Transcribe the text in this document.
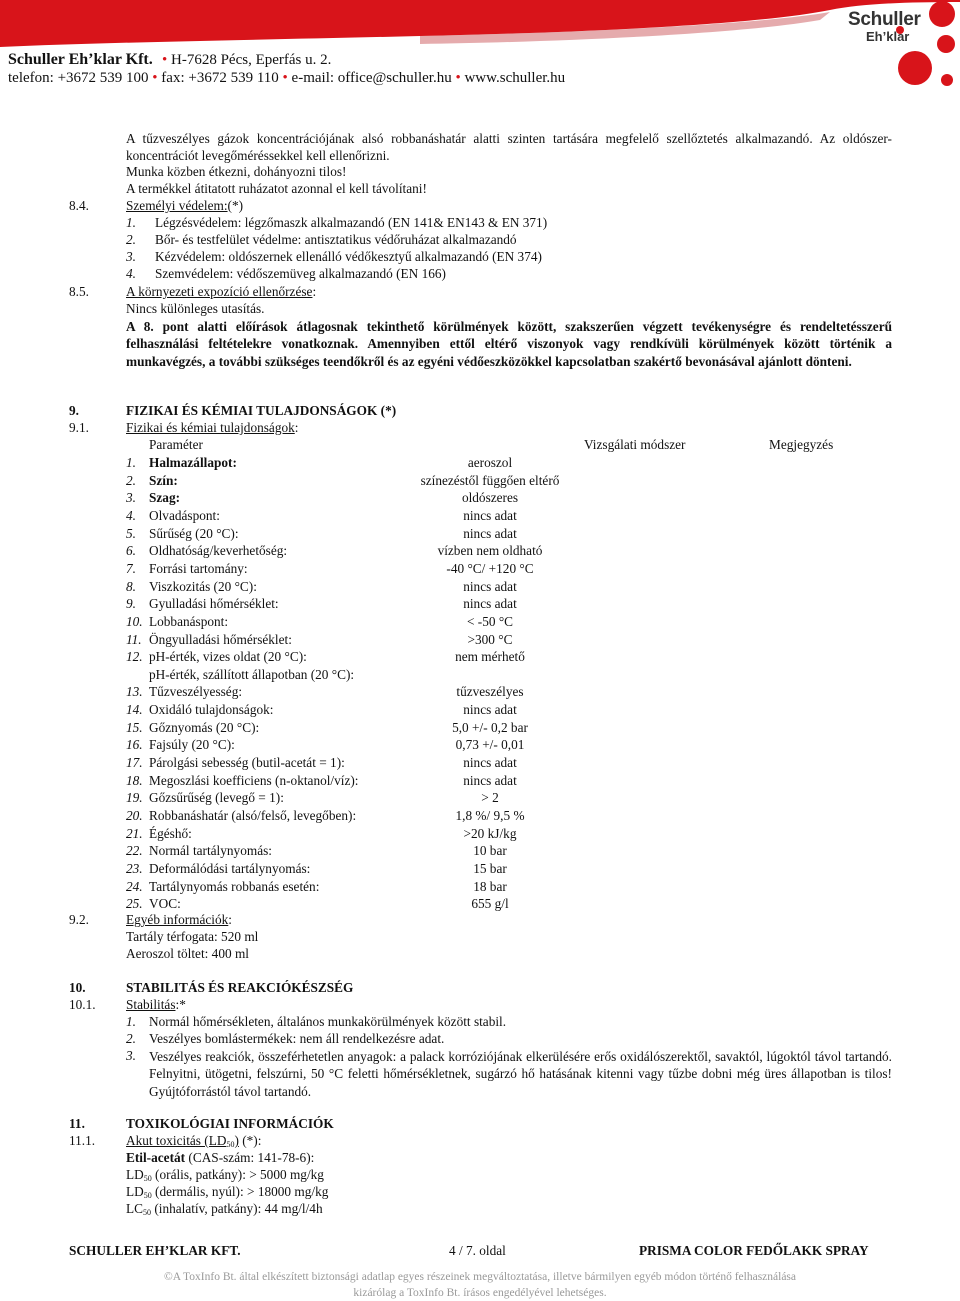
Schuller
Eh’klar
Schuller Eh’klar Kft. • H-7628 Pécs, Eperfás u. 2.
telefon: +3672 539 100 • fax: +3672 539 110 • e-mail: office@schuller.hu • www.schuller.hu
A tűzveszélyes gázok koncentrációjának alsó robbanáshatár alatti szinten tartására megfelelő szellőztetés alkalmazandó. Az oldószer-koncentrációt levegőméréssekkel kell ellenőrizni.
Munka közben étkezni, dohányozni tilos!
A termékkel átitatott ruházatot azonnal el kell távolítani!
8.4.	Személyi védelem:(*)
1. Légzésvédelem: légzőmaszk alkalmazandó (EN 141& EN143 & EN 371)
2. Bőr- és testfelület védelme: antisztatikus védőruházat alkalmazandó
3. Kézvédelem: oldószernek ellenálló védőkesztyű alkalmazandó (EN 374)
4. Szemvédelem: védőszemüveg alkalmazandó (EN 166)
8.5.	A környezeti expozíció ellenőrzése:
Nincs különleges utasítás.
A 8. pont alatti előírások átlagosnak tekinthető körülmények között, szakszerűen végzett tevékenységre és rendeltetésszerű felhasználási feltételekre vonatkoznak. Amennyiben ettől eltérő viszonyok vagy rendkívüli körülmények között történik a munkavégzés, a további szükséges teendőkről és az egyéni védőeszközökkel kapcsolatban szakértő bevonásával ajánlott dönteni.
9.	FIZIKAI ÉS KÉMIAI TULAJDONSÁGOK (*)
9.1.	Fizikai és kémiai tulajdonságok:
Paraméter	Vizsgálati módszer	Megjegyzés
1. Halmazállapot:	aeroszol
2. Szín:	színezéstől függően eltérő
3. Szag:	oldószeres
4. Olvadáspont:	nincs adat
5. Sűrűség (20 °C):	nincs adat
6. Oldhatóság/keverhetőség:	vízben nem oldható
7. Forrási tartomány:	-40 °C/ +120 °C
8. Viszkozitás (20 °C):	nincs adat
9. Gyulladási hőmérséklet:	nincs adat
10. Lobbanáspont:	< -50 °C
11. Öngyulladási hőmérséklet:	>300 °C
12. pH-érték, vizes oldat (20 °C):	nem mérhető
pH-érték, szállított állapotban (20 °C):
13. Tűzveszélyesség:	tűzveszélyes
14. Oxidáló tulajdonságok:	nincs adat
15. Gőznyomás (20 °C):	5,0 +/- 0,2 bar
16. Fajsúly (20 °C):	0,73 +/- 0,01
17. Párolgási sebesség (butil-acetát = 1):	nincs adat
18. Megoszlási koefficiens (n-oktanol/víz):	nincs adat
19. Gőzsűrűség (levegő = 1):	> 2
20. Robbanáshatár (alsó/felső, levegőben):	1,8 %/ 9,5 %
21. Égéshő:	>20 kJ/kg
22. Normál tartálynyomás:	10 bar
23. Deformálódási tartálynyomás:	15 bar
24. Tartálynyomás robbanás esetén:	18 bar
25. VOC:	655 g/l
9.2.	Egyéb információk:
Tartály térfogata: 520 ml
Aeroszol töltet: 400 ml
10.	STABILITÁS ÉS REAKCIÓKÉSZSÉG
10.1. Stabilitás:*
1. Normál hőmérsékleten, általános munkakörülmények között stabil.
2. Veszélyes bomlástermékek: nem áll rendelkezésre adat.
3. Veszélyes reakciók, összeférhetetlen anyagok: a palack korróziójának elkerülésére erős oxidálószerektől, savaktól, lúgoktól távol tartandó. Felnyitni, ütögetni, felszúrni, 50 °C feletti hőmérsékletnek, sugárzó hő hatásának kitenni vagy tűzbe dobni még üres állapotban is tilos! Gyújtóforrástól távol tartandó.
11.	TOXIKOLÓGIAI INFORMÁCIÓK
11.1. Akut toxicitás $(LD_{50})$ (*):
Etil-acetát (CAS-szám: 141-78-6):
$LD_{50}$ (orális, patkány): > 5000 mg/kg
$LD_{50}$ (dermális, nyúl): > 18000 mg/kg
$LC_{50}$ (inhalatív, patkány): 44 mg/l/4h
SCHULLER EH’KLAR KFT.	4 / 7. oldal	PRISMA COLOR FEDŐLAKK SPRAY
©A ToxInfo Bt. által elkészített biztonsági adatlap egyes részeinek megváltoztatása, illetve bármilyen egyéb módon történő felhasználása
kizárólag a ToxInfo Bt. írásos engedélyével lehetséges.
